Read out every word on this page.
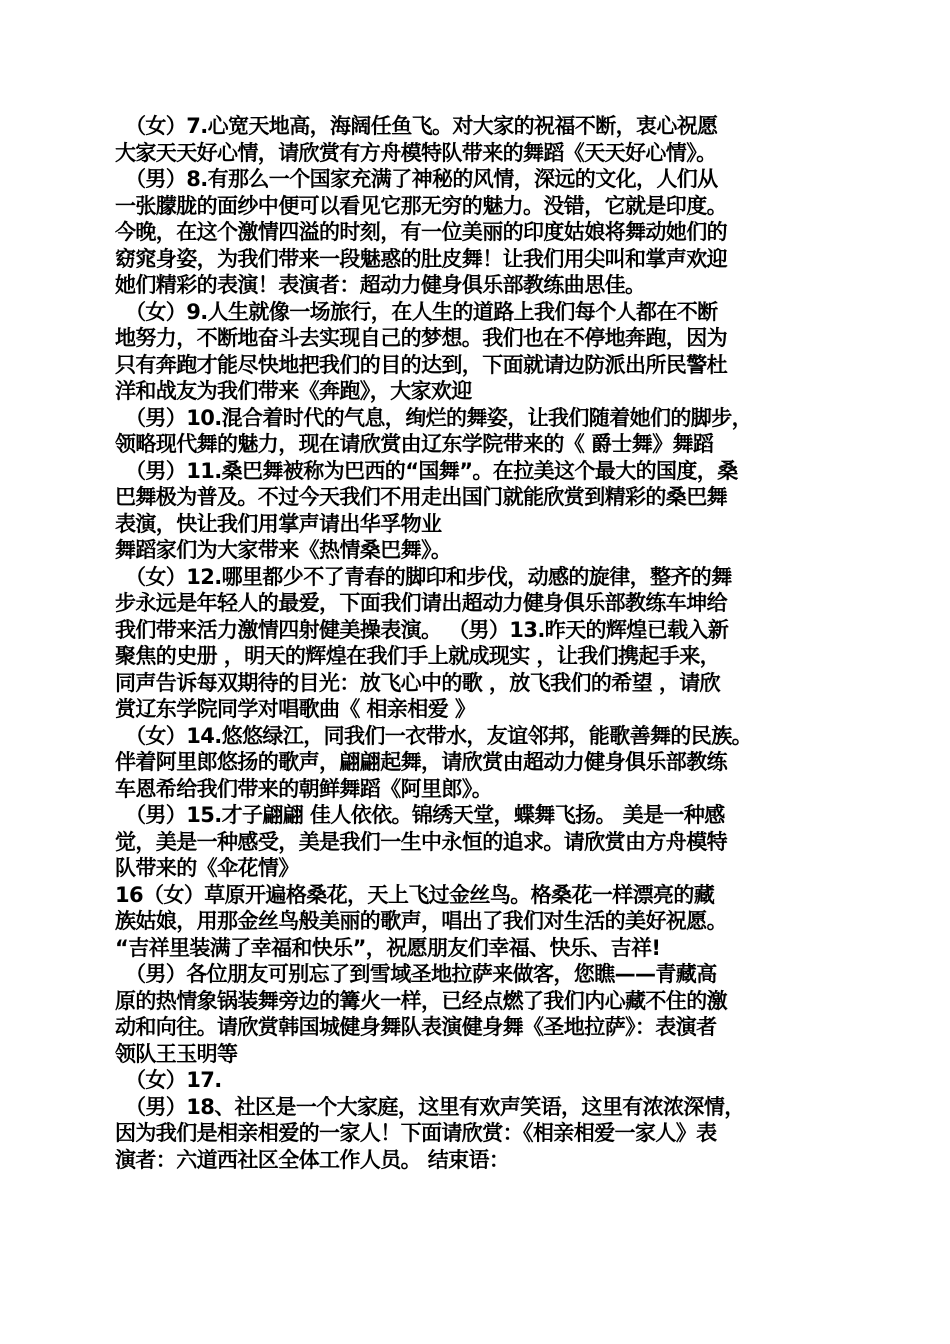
（女）7.心宽天地高，海阔任鱼飞。对大家的祝福不断，衷心祝愿
大家天天好心情，请欣赏有方舟模特队带来的舞蹈《天天好心情》。
（男）8.有那么一个国家充满了神秘的风情，深远的文化，人们从
一张朦胧的面纱中便可以看见它那无穷的魅力。没错，它就是印度。
今晚，在这个激情四溢的时刻，有一位美丽的印度姑娘将舞动她们的
窈窕身姿，为我们带来一段魅惑的肚皮舞！让我们用尖叫和掌声欢迎
她们精彩的表演！表演者：超动力健身俱乐部教练曲思佳。
（女）9.人生就像一场旅行，在人生的道路上我们每个人都在不断
地努力，不断地奋斗去实现自己的梦想。我们也在不停地奔跑，因为
只有奔跑才能尽快地把我们的目的达到，下面就请边防派出所民警杜
洋和战友为我们带来《奔跑》，大家欢迎
（男）10.混合着时代的气息，绚烂的舞姿，让我们随着她们的脚步，
领略现代舞的魅力，现在请欣赏由辽东学院带来的《 爵士舞》舞蹈
（男）11.桑巴舞被称为巴西的“国舞”。在拉美这个最大的国度，桑
巴舞极为普及。不过今天我们不用走出国门就能欣赏到精彩的桑巴舞
表演，快让我们用掌声请出华孚物业
舞蹈家们为大家带来《热情桑巴舞》。
（女）12.哪里都少不了青春的脚印和步伐，动感的旋律，整齐的舞
步永远是年轻人的最爱，下面我们请出超动力健身俱乐部教练车坤给
我们带来活力激情四射健美操表演。 （男）13.昨天的辉煌已载入新
聚焦的史册 ，明天的辉煌在我们手上就成现实 ，让我们携起手来，
同声告诉每双期待的目光：放飞心中的歌 ，放飞我们的希望 ，请欣
赏辽东学院同学对唱歌曲《 相亲相爱 》
（女）14.悠悠绿江，同我们一衣带水，友谊邻邦，能歌善舞的民族。
伴着阿里郎悠扬的歌声，翩翩起舞，请欣赏由超动力健身俱乐部教练
车恩希给我们带来的朝鲜舞蹈《阿里郎》。
（男）15.才子翩翩 佳人依依。锦绣天堂，蝶舞飞扬。 美是一种感
觉，美是一种感受，美是我们一生中永恒的追求。请欣赏由方舟模特
队带来的《伞花情》
16（女）草原开遍格桑花，天上飞过金丝鸟。格桑花一样漂亮的藏
族姑娘，用那金丝鸟般美丽的歌声，唱出了我们对生活的美好祝愿。
“吉祥里装满了幸福和快乐”，祝愿朋友们幸福、快乐、吉祥!
（男）各位朋友可别忘了到雪域圣地拉萨来做客，您瞧——青藏高
原的热情象锅装舞旁边的篝火一样，已经点燃了我们内心藏不住的激
动和向往。请欣赏韩国城健身舞队表演健身舞《圣地拉萨》：表演者
领队王玉明等
（女）17.
（男）18、社区是一个大家庭，这里有欢声笑语，这里有浓浓深情，
因为我们是相亲相爱的一家人！下面请欣赏：《相亲相爱一家人》表
演者：六道西社区全体工作人员。 结束语：
